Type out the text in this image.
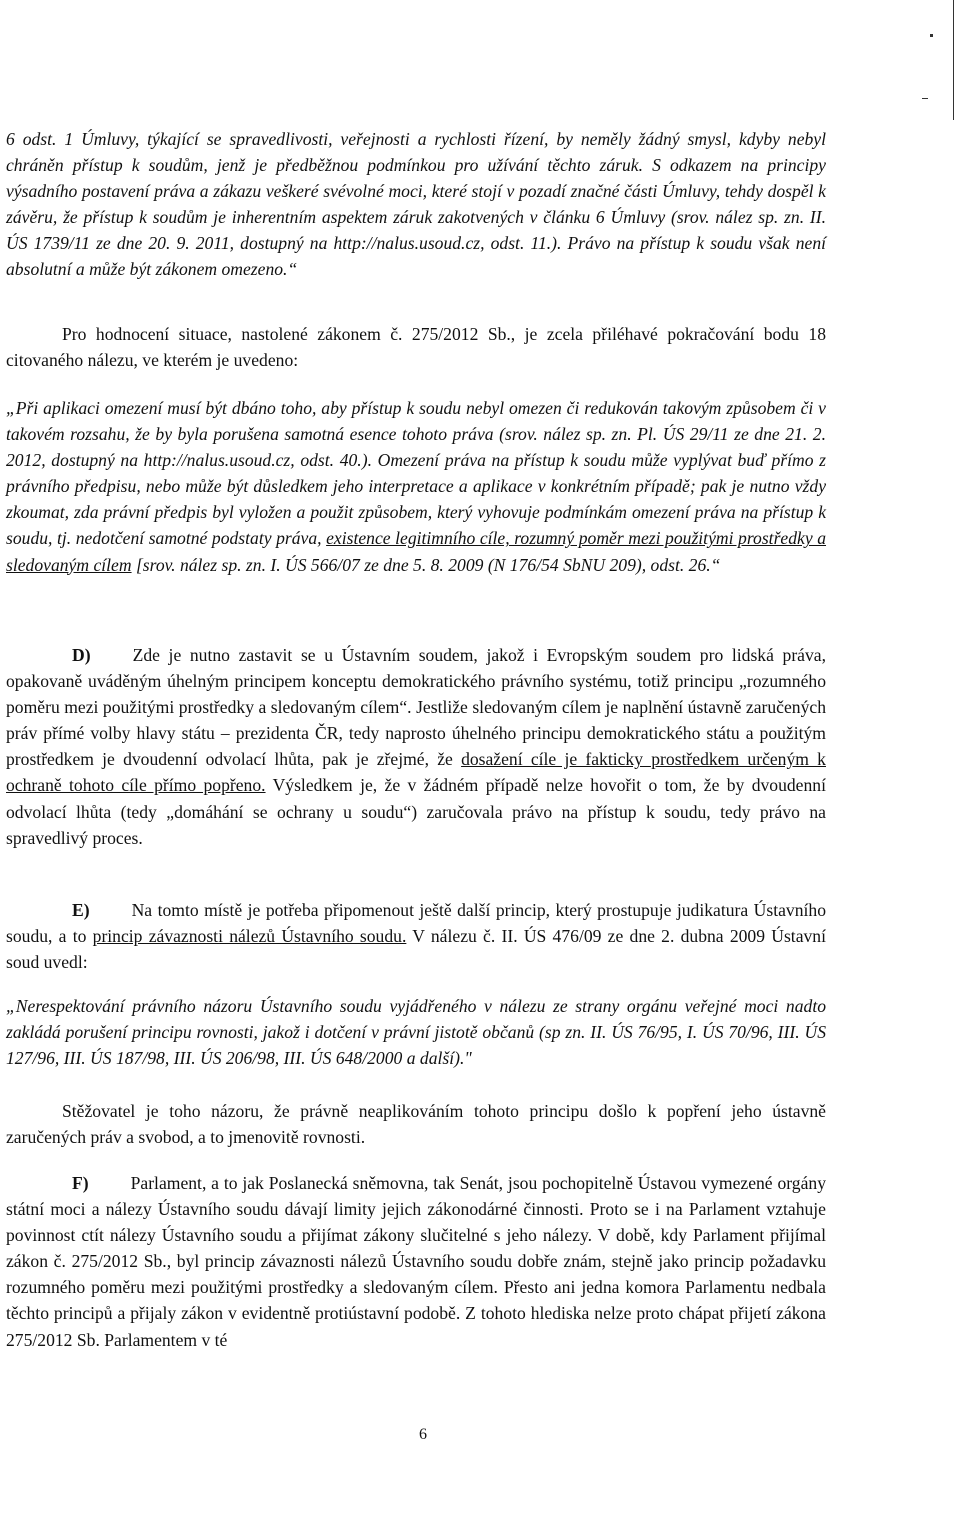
6 odst. 1 Úmluvy, týkající se spravedlivosti, veřejnosti a rychlosti řízení, by neměly žádný smysl, kdyby nebyl chráněn přístup k soudům, jenž je předběžnou podmínkou pro užívání těchto záruk. S odkazem na principy výsadního postavení práva a zákazu veškeré svévolné moci, které stojí v pozadí značné části Úmluvy, tehdy dospěl k závěru, že přístup k soudům je inherentním aspektem záruk zakotvených v článku 6 Úmluvy (srov. nález sp. zn. II. ÚS 1739/11 ze dne 20. 9. 2011, dostupný na http://nalus.usoud.cz, odst. 11.). Právo na přístup k soudu však není absolutní a může být zákonem omezeno.“

Pro hodnocení situace, nastolené zákonem č. 275/2012 Sb., je zcela přiléhavé pokračování bodu 18 citovaného nálezu, ve kterém je uvedeno:

„Při aplikaci omezení musí být dbáno toho, aby přístup k soudu nebyl omezen či redukován takovým způsobem či v takovém rozsahu, že by byla porušena samotná esence tohoto práva (srov. nález sp. zn. Pl. ÚS 29/11 ze dne 21. 2. 2012, dostupný na http://nalus.usoud.cz, odst. 40.). Omezení práva na přístup k soudu může vyplývat buď přímo z právního předpisu, nebo může být důsledkem jeho interpretace a aplikace v konkrétním případě; pak je nutno vždy zkoumat, zda právní předpis byl vyložen a použit způsobem, který vyhovuje podmínkám omezení práva na přístup k soudu, tj. nedotčení samotné podstaty práva, existence legitimního cíle, rozumný poměr mezi použitými prostředky a sledovaným cílem [srov. nález sp. zn. I. ÚS 566/07 ze dne 5. 8. 2009 (N 176/54 SbNU 209), odst. 26.“

D) Zde je nutno zastavit se u Ústavním soudem, jakož i Evropským soudem pro lidská práva, opakovaně uváděným úhelným principem konceptu demokratického právního systému, totiž principu „rozumného poměru mezi použitými prostředky a sledovaným cílem“. Jestliže sledovaným cílem je naplnění ústavně zaručených práv přímé volby hlavy státu – prezidenta ČR, tedy naprosto úhelného principu demokratického státu a použitým prostředkem je dvoudenní odvolací lhůta, pak je zřejmé, že dosažení cíle je fakticky prostředkem určeným k ochraně tohoto cíle přímo popřeno. Výsledkem je, že v žádném případě nelze hovořit o tom, že by dvoudenní odvolací lhůta (tedy „domáhání se ochrany u soudu“) zaručovala právo na přístup k soudu, tedy právo na spravedlivý proces.

E) Na tomto místě je potřeba připomenout ještě další princip, který prostupuje judikatura Ústavního soudu, a to princip závaznosti nálezů Ústavního soudu. V nálezu č. II. ÚS 476/09 ze dne 2. dubna 2009 Ústavní soud uvedl:

„Nerespektování právního názoru Ústavního soudu vyjádřeného v nálezu ze strany orgánu veřejné moci nadto zakládá porušení principu rovnosti, jakož i dotčení v právní jistotě občanů (sp zn. II. ÚS 76/95, I. ÚS 70/96, III. ÚS 127/96, III. ÚS 187/98, III. ÚS 206/98, III. ÚS 648/2000 a další)."

Stěžovatel je toho názoru, že právně neaplikováním tohoto principu došlo k popření jeho ústavně zaručených práv a svobod, a to jmenovitě rovnosti.

F) Parlament, a to jak Poslanecká sněmovna, tak Senát, jsou pochopitelně Ústavou vymezené orgány státní moci a nálezy Ústavního soudu dávají limity jejich zákonodárné činnosti. Proto se i na Parlament vztahuje povinnost ctít nálezy Ústavního soudu a přijímat zákony slučitelné s jeho nálezy. V době, kdy Parlament přijímal zákon č. 275/2012 Sb., byl princip závaznosti nálezů Ústavního soudu dobře znám, stejně jako princip požadavku rozumného poměru mezi použitými prostředky a sledovaným cílem. Přesto ani jedna komora Parlamentu nedbala těchto principů a přijaly zákon v evidentně protiústavní podobě. Z tohoto hlediska nelze proto chápat přijetí zákona 275/2012 Sb. Parlamentem v té

6
